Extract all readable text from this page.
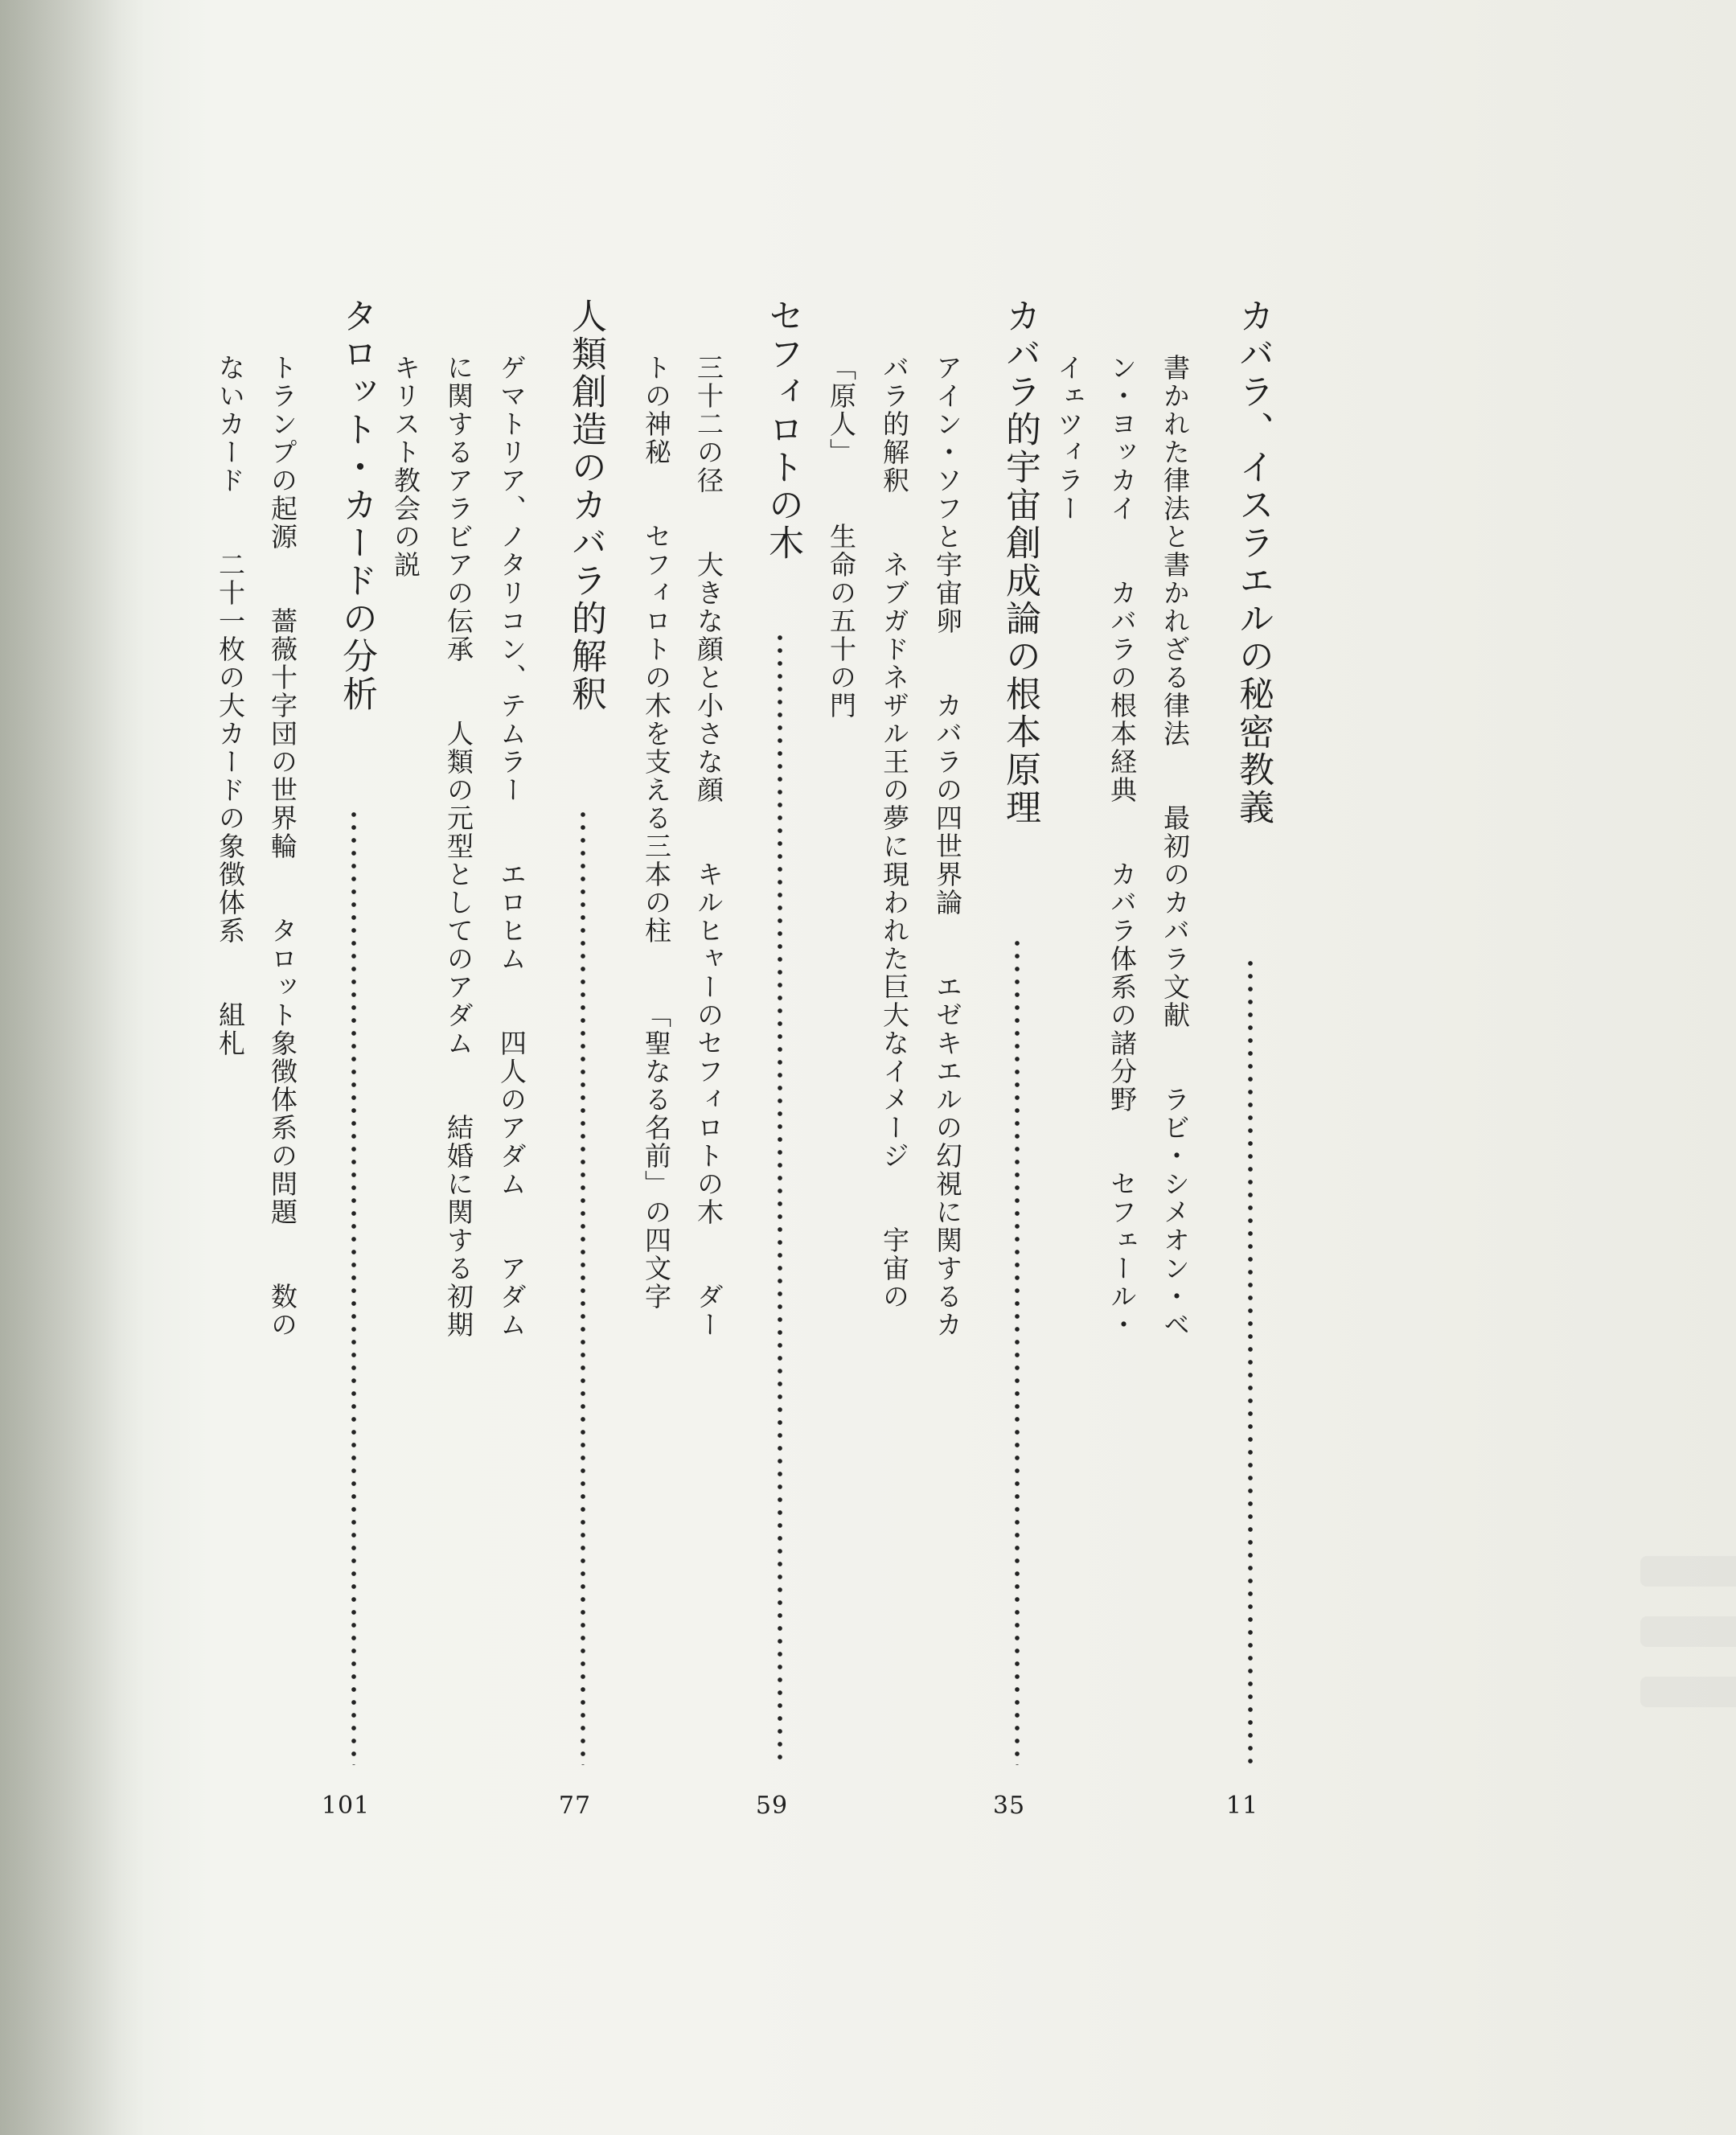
カバラ、イスラエルの秘密教義
11
書かれた律法と書かれざる律法最初のカバラ文献ラビ・シメオン・ベ
ン・ヨッカイカバラの根本経典カバラ体系の諸分野セフェール・
イェツィラー
カバラ的宇宙創成論の根本原理
35
アイン・ソフと宇宙卵カバラの四世界論エゼキエルの幻視に関するカ
バラ的解釈ネブガドネザル王の夢に現われた巨大なイメージ宇宙の
「原人」生命の五十の門
セフィロトの木
59
三十二の径大きな顔と小さな顔キルヒャーのセフィロトの木ダー
トの神秘セフィロトの木を支える三本の柱「聖なる名前」の四文字
人類創造のカバラ的解釈
77
ゲマトリア、ノタリコン、テムラーエロヒム四人のアダムアダム
に関するアラビアの伝承人類の元型としてのアダム結婚に関する初期
キリスト教会の説
タロット・カードの分析
101
トランプの起源薔薇十字団の世界輪タロット象徴体系の問題数の
ないカード二十一枚の大カードの象徴体系組札
